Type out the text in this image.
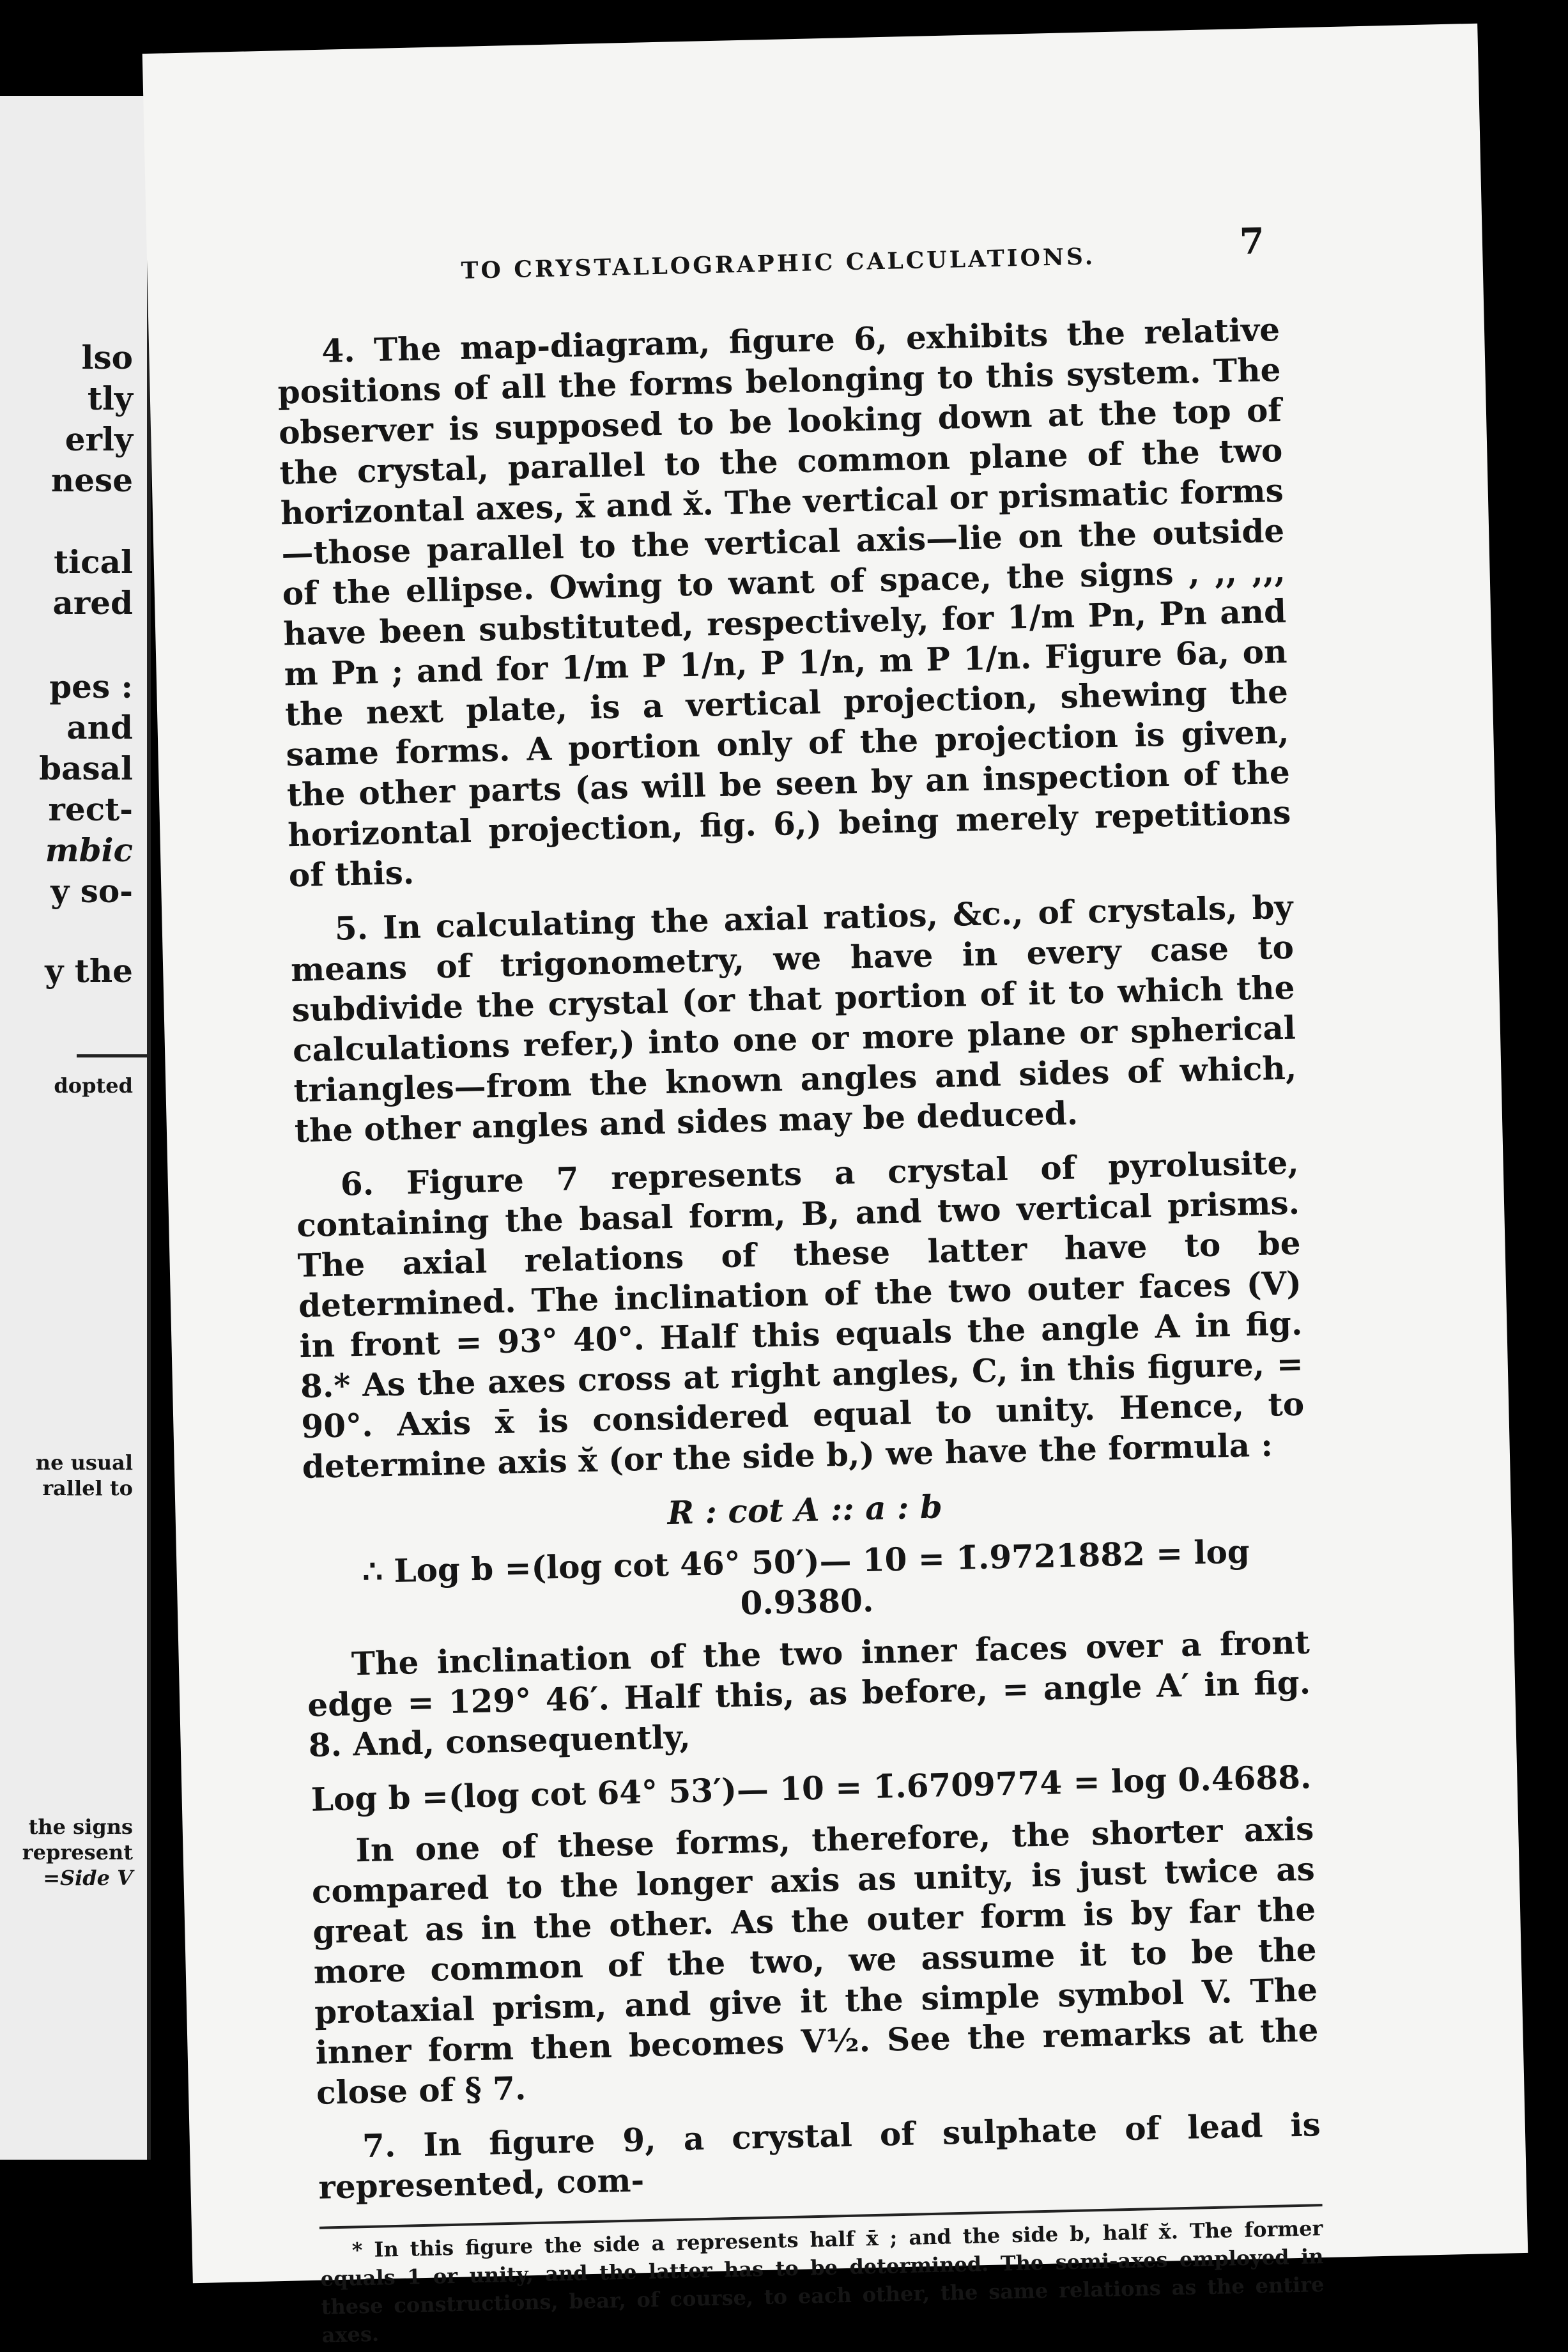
lso
tly
erly
nese
tical
ared
pes :
and
basal
rect-
mbic
y so-
y the
dopted
ne usual
rallel to
the signs
represent
=Side V
TO CRYSTALLOGRAPHIC CALCULATIONS.
7

4. The map-diagram, figure 6, exhibits the relative positions of all the forms belonging to this system. The observer is supposed to be looking down at the top of the crystal, parallel to the common plane of the two horizontal axes, x̄ and x̆. The vertical or prismatic forms—those parallel to the vertical axis—lie on the outside of the ellipse. Owing to want of space, the signs , ,, ,,, have been substituted, respectively, for 1/m Pn, Pn and m Pn ; and for 1/m P 1/n, P 1/n, m P 1/n. Figure 6a, on the next plate, is a vertical projection, shewing the same forms. A portion only of the projection is given, the other parts (as will be seen by an inspection of the horizontal projection, fig. 6,) being merely repetitions of this.

5. In calculating the axial ratios, &c., of crystals, by means of trigonometry, we have in every case to subdivide the crystal (or that portion of it to which the calculations refer,) into one or more plane or spherical triangles—from the known angles and sides of which, the other angles and sides may be deduced.

6. Figure 7 represents a crystal of pyrolusite, containing the basal form, B, and two vertical prisms. The axial relations of these latter have to be determined. The inclination of the two outer faces (V) in front = 93° 40°. Half this equals the angle A in fig. 8.* As the axes cross at right angles, C, in this figure, = 90°. Axis x̄ is considered equal to unity. Hence, to determine axis x̆ (or the side b,) we have the formula :

R : cot A :: a : b
∴ Log b =(log cot 46° 50′)— 10 = 1̄.9721882 = log 0.9380.

The inclination of the two inner faces over a front edge = 129° 46′. Half this, as before, = angle A′ in fig. 8. And, consequently,

Log b =(log cot 64° 53′)— 10 = 1̄.6709774 = log 0.4688.

In one of these forms, therefore, the shorter axis compared to the longer axis as unity, is just twice as great as in the other. As the outer form is by far the more common of the two, we assume it to be the protaxial prism, and give it the simple symbol V. The inner form then becomes V½. See the remarks at the close of § 7.

7. In figure 9, a crystal of sulphate of lead is represented, com-

* In this figure the side a represents half x̄ ; and the side b, half x̆. The former equals 1 or unity, and the latter has to be determined. The semi-axes employed in these constructions, bear, of course, to each other, the same relations as the entire axes.
